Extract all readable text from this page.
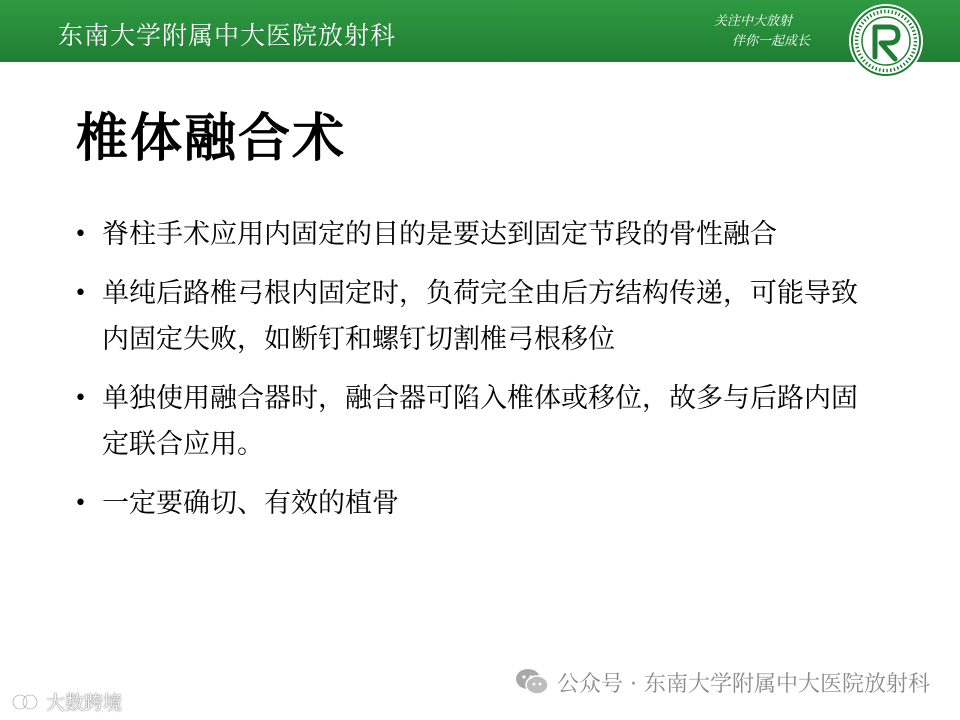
东南大学附属中大医院放射科	关注中大放射
伴你一起成长
椎体融合术
• 脊柱手术应用内固定的目的是要达到固定节段的骨性融合
• 单纯后路椎弓根内固定时，负荷完全由后方结构传递，可能导致内固定失败，如断钉和螺钉切割椎弓根移位
• 单独使用融合器时，融合器可陷入椎体或移位，故多与后路内固定联合应用。
• 一定要确切、有效的植骨
公众号 · 东南大学附属中大医院放射科
大数跨境
